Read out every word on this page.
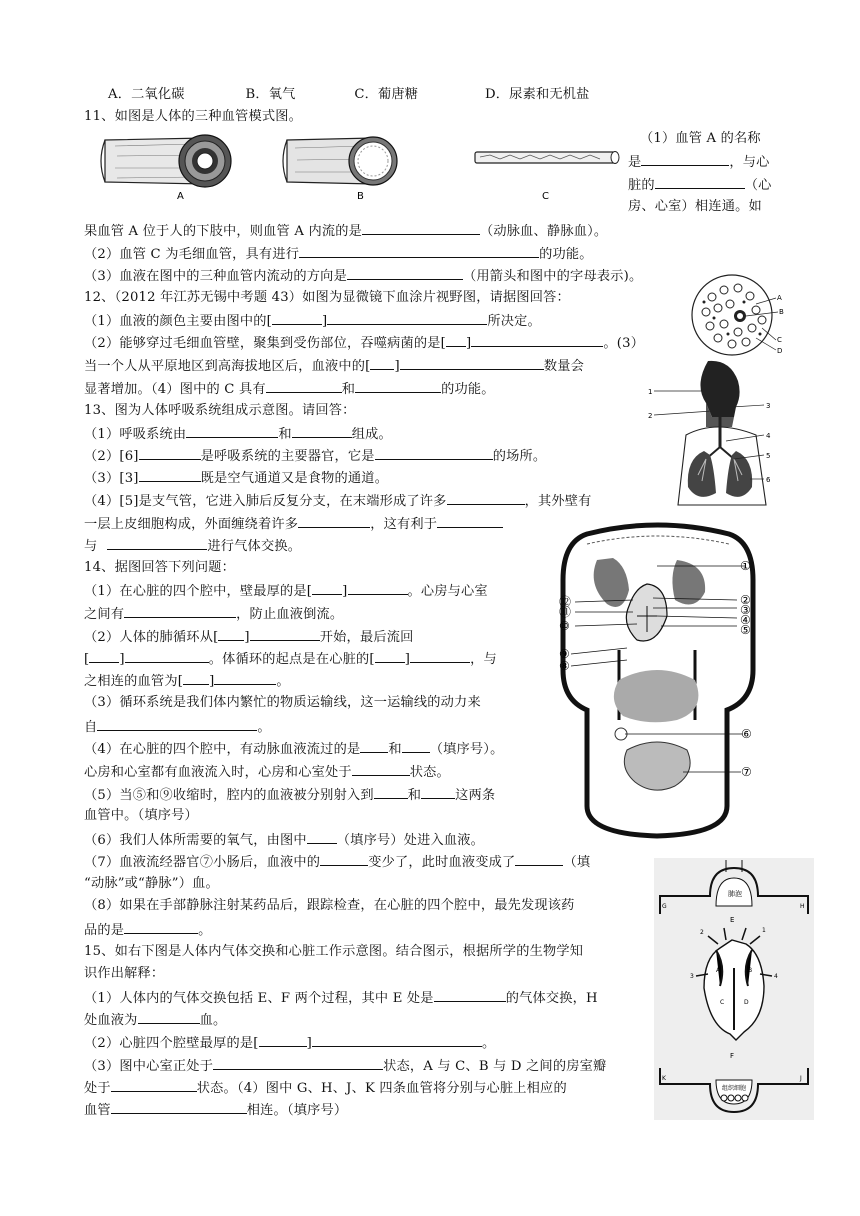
A．二氧化碳	B．氧气	C．葡唐糖	D．尿素和无机盐
11、如图是人体的三种血管模式图。
A	B	C
（1）血管 A 的名称
是	，与心
脏的	（心
房、心室）相连通。如
果血管 A 位于人的下肢中，则血管 A 内流的是	（动脉血、静脉血）。
（2）血管 C 为毛细血管，具有进行	的功能。
（3）血液在图中的三种血管内流动的方向是	（用箭头和图中的字母表示)。
12、（2012 年江苏无锡中考题 43）如图为显微镜下血涂片视野图，请据图回答：	A
B
C
D
（1）血液的颜色主要由图中的[	]	所决定。
（2）能够穿过毛细血管壁，聚集到受伤部位，吞噬病菌的是[ ]	。(3）
当一个人从平原地区到高海拔地区后，血液中的[ ]	数量会
显著增加。（4）图中的 C 具有	和	的功能。	1
2
3
4
5
6
13、图为人体呼吸系统组成示意图。请回答：
（1）呼吸系统由	和	组成。
（2）[6]	是呼吸系统的主要器官，它是	的场所。
（3）[3]	既是空气通道又是食物的通道。
（4）[5]是支气管，它进入肺后反复分支，在末端形成了许多	，其外壁有
一层上皮细胞构成，外面缠绕着许多	，这有利于
与	进行气体交换。
①
②
③
④
⑤
⑥
⑦
⑧
⑨
⑩
⑪
⑫
14、据图回答下列问题：
（1）在心脏的四个腔中，壁最厚的是[ ]	。心房与心室
之间有	，防止血液倒流。
（2）人体的肺循环从[ ]	开始，最后流回
[ ]	。体循环的起点是在心脏的[ ]	，与
之相连的血管为[ ]	。
（3）循环系统是我们体内繁忙的物质运输线，这一运输线的动力来
自	。
（4）在心脏的四个腔中，有动脉血液流过的是 和 （填序号）。
心房和心室都有血液流入时，心房和心室处于	状态。
（5）当⑤和⑨收缩时，腔内的血液被分别射入到	和	这两条
血管中。（填序号）
（6）我们人体所需要的氧气，由图中 （填序号）处进入血液。
（7）血液流经器官⑦小肠后，血液中的	变少了，此时血液变成了	（填
“动脉”或“静脉”）血。
（8）如果在手部静脉注射某药品后，跟踪检查，在心脏的四个腔中，最先发现该药
品的是	。
肺泡
E
G	H
A	B
C	D
1
2
3	4
F
组织细胞
K	J
15、如右下图是人体内气体交换和心脏工作示意图。结合图示，根据所学的生物学知
识作出解释：
（1）人体内的气体交换包括 E、F 两个过程，其中 E 处是	的气体交换，H
处血液为	血。
（2）心脏四个腔壁最厚的是[	]	。
（3）图中心室正处于	状态，A 与 C、B 与 D 之间的房室瓣
处于	状态。（4）图中 G、H、J、K 四条血管将分别与心脏上相应的
血管	相连。（填序号）
